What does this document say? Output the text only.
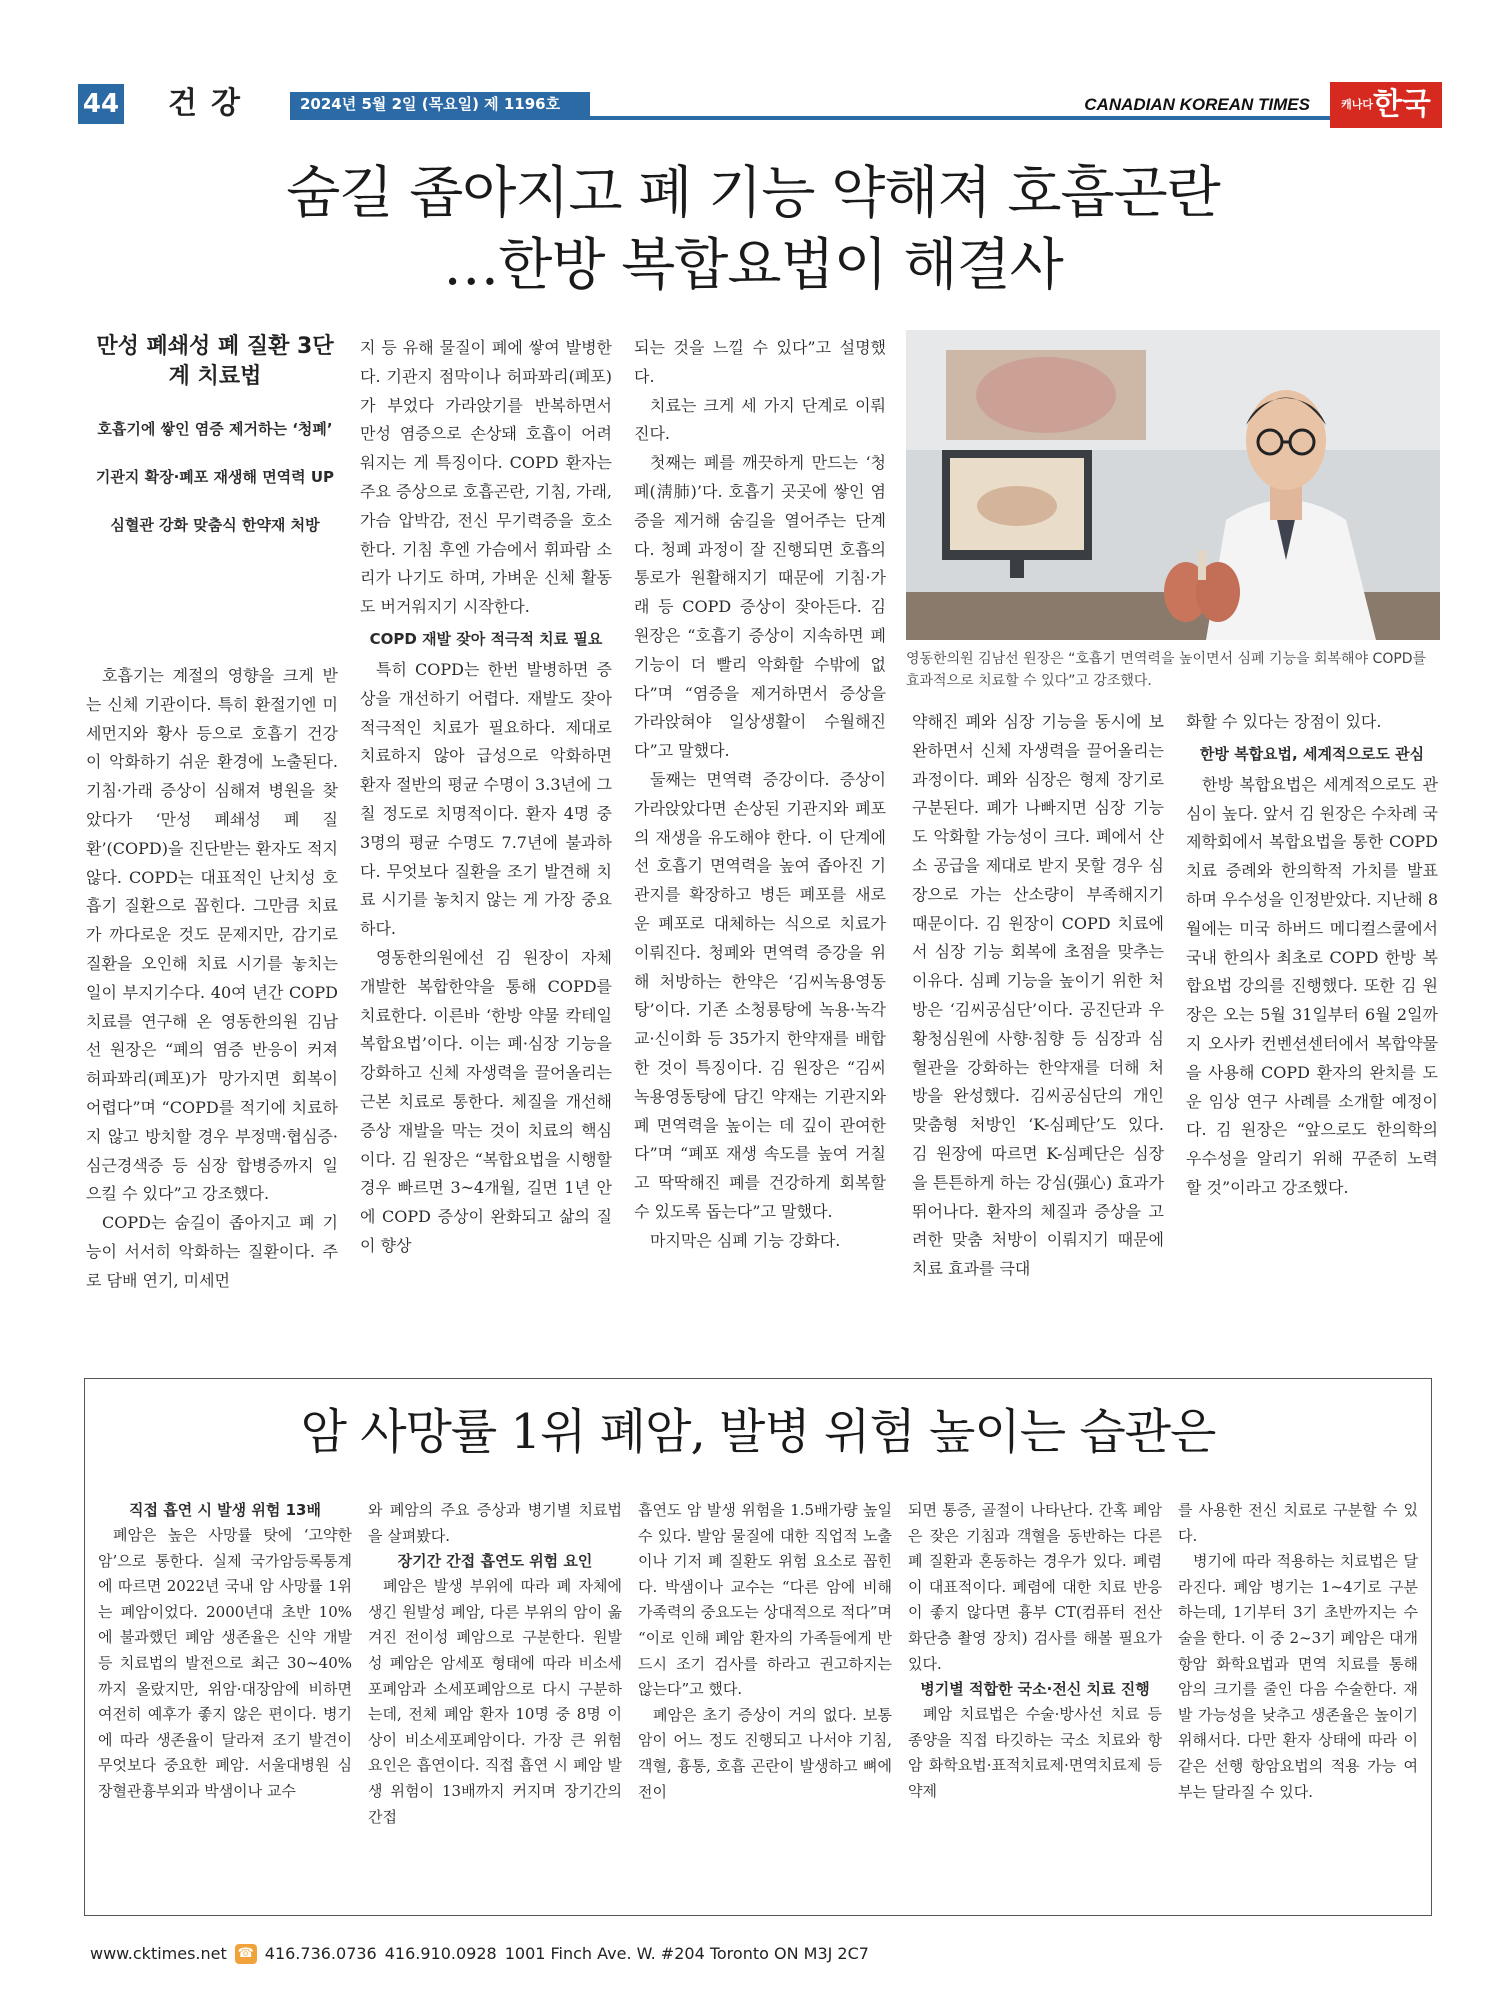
44 건강	2024년 5월 2일 (목요일) 제 1196호	CANADIAN KOREAN TIMES	$^{캐나다}$한국인
숨길 좁아지고 폐 기능 약해져 호흡곤란
…한방 복합요법이 해결사
만성 폐쇄성 폐 질환 3단계 치료법
호흡기에 쌓인 염증 제거하는 ‘청폐’
기관지 확장·폐포 재생해 면역력 UP
심혈관 강화 맞춤식 한약재 처방

호흡기는 계절의 영향을 크게 받는 신체 기관이다. 특히 환절기엔 미세먼지와 황사 등으로 호흡기 건강이 악화하기 쉬운 환경에 노출된다. 기침·가래 증상이 심해져 병원을 찾았다가 ‘만성 폐쇄성 폐 질환’(COPD)을 진단받는 환자도 적지 않다. COPD는 대표적인 난치성 호흡기 질환으로 꼽힌다. 그만큼 치료가 까다로운 것도 문제지만, 감기로 질환을 오인해 치료 시기를 놓치는 일이 부지기수다. 40여 년간 COPD 치료를 연구해 온 영동한의원 김남선 원장은 “폐의 염증 반응이 커져 허파꽈리(폐포)가 망가지면 회복이 어렵다”며 “COPD를 적기에 치료하지 않고 방치할 경우 부정맥·협심증·심근경색증 등 심장 합병증까지 일으킬 수 있다”고 강조했다.

COPD는 숨길이 좁아지고 폐 기능이 서서히 악화하는 질환이다. 주로 담배 연기, 미세먼

지 등 유해 물질이 폐에 쌓여 발병한다. 기관지 점막이나 허파꽈리(폐포)가 부었다 가라앉기를 반복하면서 만성 염증으로 손상돼 호흡이 어려워지는 게 특징이다. COPD 환자는 주요 증상으로 호흡곤란, 기침, 가래, 가슴 압박감, 전신 무기력증을 호소한다. 기침 후엔 가슴에서 휘파람 소리가 나기도 하며, 가벼운 신체 활동도 버거워지기 시작한다.

COPD 재발 잦아 적극적 치료 필요

특히 COPD는 한번 발병하면 증상을 개선하기 어렵다. 재발도 잦아 적극적인 치료가 필요하다. 제대로 치료하지 않아 급성으로 악화하면 환자 절반의 평균 수명이 3.3년에 그칠 정도로 치명적이다. 환자 4명 중 3명의 평균 수명도 7.7년에 불과하다. 무엇보다 질환을 조기 발견해 치료 시기를 놓치지 않는 게 가장 중요하다.

영동한의원에선 김 원장이 자체 개발한 복합한약을 통해 COPD를 치료한다. 이른바 ‘한방 약물 칵테일 복합요법’이다. 이는 폐·심장 기능을 강화하고 신체 자생력을 끌어올리는 근본 치료로 통한다. 체질을 개선해 증상 재발을 막는 것이 치료의 핵심이다. 김 원장은 “복합요법을 시행할 경우 빠르면 3~4개월, 길면 1년 안에 COPD 증상이 완화되고 삶의 질이 향상

되는 것을 느낄 수 있다”고 설명했다.

치료는 크게 세 가지 단계로 이뤄진다.

첫째는 폐를 깨끗하게 만드는 ‘청폐(淸肺)’다. 호흡기 곳곳에 쌓인 염증을 제거해 숨길을 열어주는 단계다. 청폐 과정이 잘 진행되면 호흡의 통로가 원활해지기 때문에 기침·가래 등 COPD 증상이 잦아든다. 김 원장은 “호흡기 증상이 지속하면 폐 기능이 더 빨리 악화할 수밖에 없다”며 “염증을 제거하면서 증상을 가라앉혀야 일상생활이 수월해진다”고 말했다.

둘째는 면역력 증강이다. 증상이 가라앉았다면 손상된 기관지와 폐포의 재생을 유도해야 한다. 이 단계에선 호흡기 면역력을 높여 좁아진 기관지를 확장하고 병든 폐포를 새로운 폐포로 대체하는 식으로 치료가 이뤄진다. 청폐와 면역력 증강을 위해 처방하는 한약은 ‘김씨녹용영동탕’이다. 기존 소청룡탕에 녹용·녹각교·신이화 등 35가지 한약재를 배합한 것이 특징이다. 김 원장은 “김씨녹용영동탕에 담긴 약재는 기관지와 폐 면역력을 높이는 데 깊이 관여한다”며 “폐포 재생 속도를 높여 거칠고 딱딱해진 폐를 건강하게 회복할 수 있도록 돕는다”고 말했다.

마지막은 심폐 기능 강화다.

영동한의원 김남선 원장은 “호흡기 면역력을 높이면서 심폐 기능을 회복해야 COPD를 효과적으로 치료할 수 있다”고 강조했다.

약해진 폐와 심장 기능을 동시에 보완하면서 신체 자생력을 끌어올리는 과정이다. 폐와 심장은 형제 장기로 구분된다. 폐가 나빠지면 심장 기능도 악화할 가능성이 크다. 폐에서 산소 공급을 제대로 받지 못할 경우 심장으로 가는 산소량이 부족해지기 때문이다. 김 원장이 COPD 치료에서 심장 기능 회복에 초점을 맞추는 이유다. 심폐 기능을 높이기 위한 처방은 ‘김씨공심단’이다. 공진단과 우황청심원에 사향·침향 등 심장과 심혈관을 강화하는 한약재를 더해 처방을 완성했다. 김씨공심단의 개인 맞춤형 처방인 ‘K-심폐단’도 있다. 김 원장에 따르면 K-심폐단은 심장을 튼튼하게 하는 강심(强心) 효과가 뛰어나다. 환자의 체질과 증상을 고려한 맞춤 처방이 이뤄지기 때문에 치료 효과를 극대

화할 수 있다는 장점이 있다.

한방 복합요법, 세계적으로도 관심

한방 복합요법은 세계적으로도 관심이 높다. 앞서 김 원장은 수차례 국제학회에서 복합요법을 통한 COPD 치료 증례와 한의학적 가치를 발표하며 우수성을 인정받았다. 지난해 8월에는 미국 하버드 메디컬스쿨에서 국내 한의사 최초로 COPD 한방 복합요법 강의를 진행했다. 또한 김 원장은 오는 5월 31일부터 6월 2일까지 오사카 컨벤션센터에서 복합약물을 사용해 COPD 환자의 완치를 도운 임상 연구 사례를 소개할 예정이다. 김 원장은 “앞으로도 한의학의 우수성을 알리기 위해 꾸준히 노력할 것”이라고 강조했다.

암 사망률 1위 폐암, 발병 위험 높이는 습관은

직접 흡연 시 발생 위험 13배

폐암은 높은 사망률 탓에 ‘고약한 암’으로 통한다. 실제 국가암등록통계에 따르면 2022년 국내 암 사망률 1위는 폐암이었다. 2000년대 초반 10%에 불과했던 폐암 생존율은 신약 개발 등 치료법의 발전으로 최근 30~40%까지 올랐지만, 위암·대장암에 비하면 여전히 예후가 좋지 않은 편이다. 병기에 따라 생존율이 달라져 조기 발견이 무엇보다 중요한 폐암. 서울대병원 심장혈관흉부외과 박샘이나 교수

와 폐암의 주요 증상과 병기별 치료법을 살펴봤다.

장기간 간접 흡연도 위험 요인

폐암은 발생 부위에 따라 폐 자체에 생긴 원발성 폐암, 다른 부위의 암이 옮겨진 전이성 폐암으로 구분한다. 원발성 폐암은 암세포 형태에 따라 비소세포폐암과 소세포폐암으로 다시 구분하는데, 전체 폐암 환자 10명 중 8명 이상이 비소세포폐암이다. 가장 큰 위험 요인은 흡연이다. 직접 흡연 시 폐암 발생 위험이 13배까지 커지며 장기간의 간접

흡연도 암 발생 위험을 1.5배가량 높일 수 있다. 발암 물질에 대한 직업적 노출이나 기저 폐 질환도 위험 요소로 꼽힌다. 박샘이나 교수는 “다른 암에 비해 가족력의 중요도는 상대적으로 적다”며 “이로 인해 폐암 환자의 가족들에게 반드시 조기 검사를 하라고 권고하지는 않는다”고 했다.

폐암은 초기 증상이 거의 없다. 보통 암이 어느 정도 진행되고 나서야 기침, 객혈, 흉통, 호흡 곤란이 발생하고 뼈에 전이

되면 통증, 골절이 나타난다. 간혹 폐암은 잦은 기침과 객혈을 동반하는 다른 폐 질환과 혼동하는 경우가 있다. 폐렴이 대표적이다. 폐렴에 대한 치료 반응이 좋지 않다면 흉부 CT(컴퓨터 전산화단층 촬영 장치) 검사를 해볼 필요가 있다.

병기별 적합한 국소·전신 치료 진행

폐암 치료법은 수술·방사선 치료 등 종양을 직접 타깃하는 국소 치료와 항암 화학요법·표적치료제·면역치료제 등 약제

를 사용한 전신 치료로 구분할 수 있다.

병기에 따라 적용하는 치료법은 달라진다. 폐암 병기는 1~4기로 구분하는데, 1기부터 3기 초반까지는 수술을 한다. 이 중 2~3기 폐암은 대개 항암 화학요법과 면역 치료를 통해 암의 크기를 줄인 다음 수술한다. 재발 가능성을 낮추고 생존율은 높이기 위해서다. 다만 환자 상태에 따라 이 같은 선행 항암요법의 적용 가능 여부는 달라질 수 있다.

www.cktimes.net ☎ 416.736.0736 416.910.0928 1001 Finch Ave. W. #204 Toronto ON M3J 2C7
